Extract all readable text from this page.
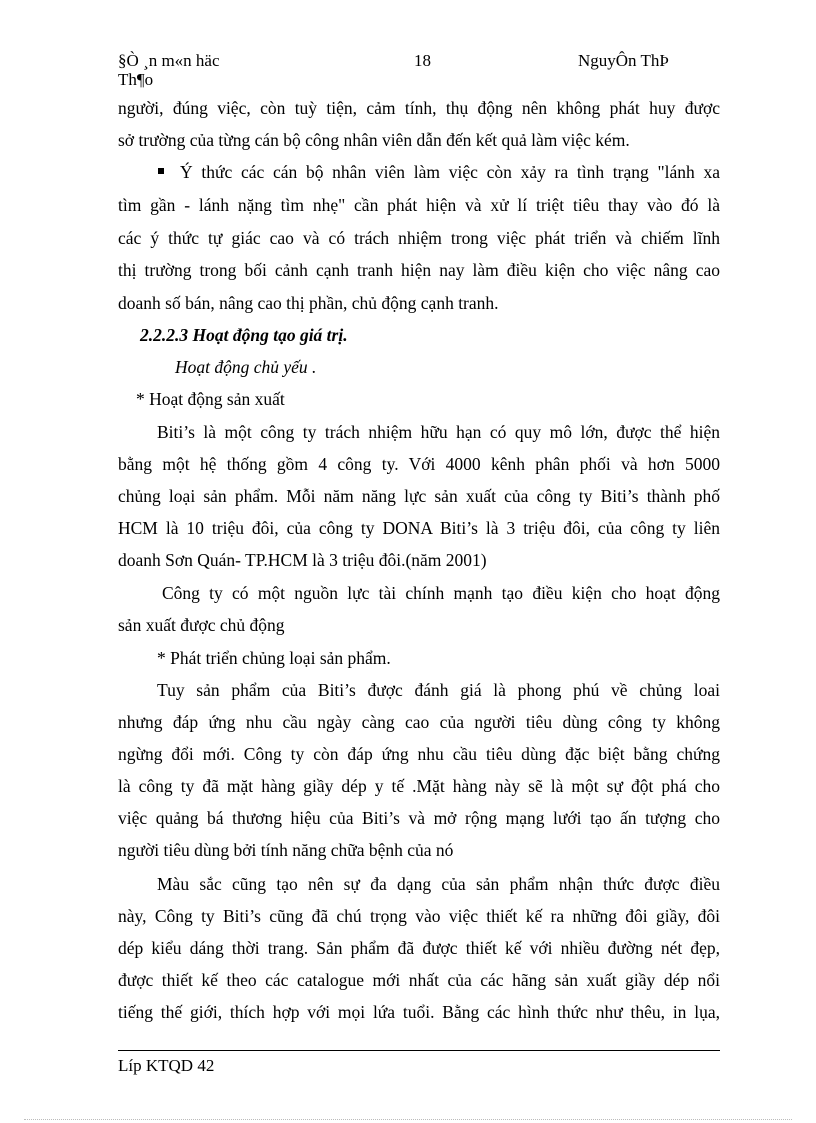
§Ò ¸n m«n häc	18	NguyÔn ThÞ
Th¶o
người, đúng việc, còn tuỳ tiện, cảm tính, thụ động nên không phát huy được
sở trường của từng cán bộ công nhân viên dẫn đến kết quả làm việc kém.
Ý thức các cán bộ nhân viên làm việc còn xảy ra tình trạng "lánh xa
tìm gần - lánh nặng tìm nhẹ" cần phát hiện và xử lí triệt tiêu thay vào đó là
các ý thức tự giác cao và có trách nhiệm trong việc phát triển và chiếm lĩnh
thị trường trong bối cảnh cạnh tranh hiện nay làm điều kiện cho việc nâng cao
doanh số bán, nâng cao thị phần, chủ động cạnh tranh.
2.2.2.3 Hoạt động tạo giá trị.
Hoạt động chủ yếu .
* Hoạt động sản xuất
Biti’s là một công ty trách nhiệm hữu hạn có quy mô lớn, được thể hiện
bằng một hệ thống gồm 4 công ty. Với 4000 kênh phân phối và hơn 5000
chủng loại sản phẩm. Mỗi năm năng lực sản xuất của công ty Biti’s thành phố
HCM là 10 triệu đôi, của công ty DONA Biti’s là 3 triệu đôi, của công ty liên
doanh Sơn Quán- TP.HCM là 3 triệu đôi.(năm 2001)
Công ty có một nguồn lực tài chính mạnh tạo điều kiện cho hoạt động
sản xuất được chủ động
* Phát triển chủng loại sản phẩm.
Tuy sản phẩm của Biti’s được đánh giá là phong phú về chủng loai
nhưng đáp ứng nhu cầu ngày càng cao của người tiêu dùng công ty không
ngừng đổi mới. Công ty còn đáp ứng nhu cầu tiêu dùng đặc biệt bằng chứng
là công ty đã mặt hàng giầy dép y tế .Mặt hàng này sẽ là một sự đột phá cho
việc quảng bá thương hiệu của Biti’s và mở rộng mạng lưới tạo ấn tượng cho
người tiêu dùng bởi tính năng chữa bệnh của nó
Màu sắc cũng tạo nên sự đa dạng của sản phẩm nhận thức được điều
này, Công ty Biti’s cũng đã chú trọng vào việc thiết kế ra những đôi giầy, đôi
dép kiểu dáng thời trang. Sản phẩm đã được thiết kế với nhiều đường nét đẹp,
được thiết kế theo các catalogue mới nhất của các hãng sản xuất giầy dép nổi
tiếng thế giới, thích hợp với mọi lứa tuổi. Bằng các hình thức như thêu, in lụa,
Líp KTQD 42
